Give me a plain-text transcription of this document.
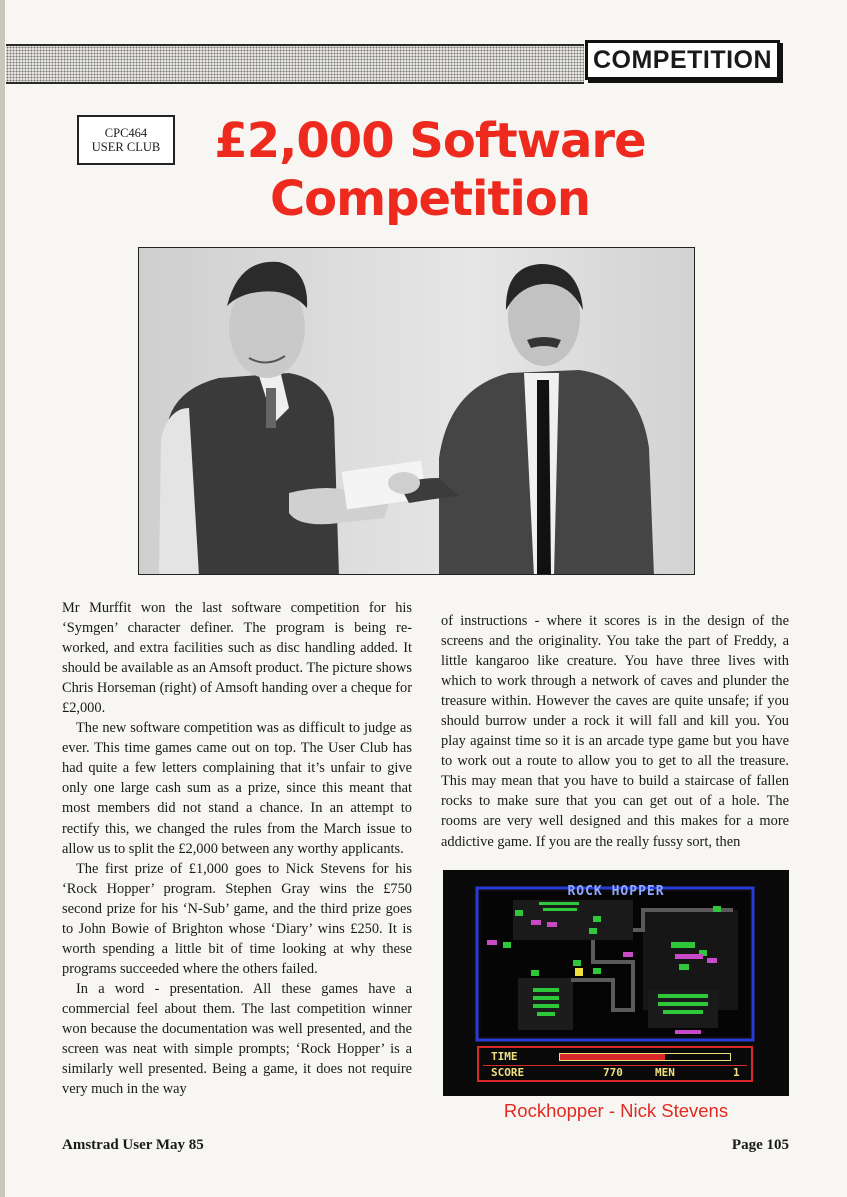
COMPETITION
CPC464
USER CLUB	£2,000 Software
Competition

Mr Murffit won the last software competition for his ‘Symgen’ character definer. The program is being re-worked, and extra facilities such as disc handling added. It should be available as an Amsoft product. The picture shows Chris Horseman (right) of Amsoft handing over a cheque for £2,000.

The new software competition was as difficult to judge as ever. This time games came out on top. The User Club has had quite a few letters complaining that it’s unfair to give only one large cash sum as a prize, since this meant that most members did not stand a chance. In an attempt to rectify this, we changed the rules from the March issue to allow us to split the £2,000 between any worthy applicants.

The first prize of £1,000 goes to Nick Stevens for his ‘Rock Hopper’ program. Stephen Gray wins the £750 second prize for his ‘N-Sub’ game, and the third prize goes to John Bowie of Brighton whose ‘Diary’ wins £250. It is worth spending a little bit of time looking at why these programs succeeded where the others failed.

In a word - presentation. All these games have a commercial feel about them. The last competition winner won because the documentation was well presented, and the screen was neat with simple prompts; ‘Rock Hopper’ is a similarly well presented. Being a game, it does not require very much in the way

of instructions - where it scores is in the design of the screens and the originality. You take the part of Freddy, a little kangaroo like creature. You have three lives with which to work through a network of caves and plunder the treasure within. However the caves are quite unsafe; if you should burrow under a rock it will fall and kill you. You play against time so it is an arcade type game but you have to work out a route to allow you to get to all the treasure. This may mean that you have to build a staircase of fallen rocks to make sure that you can get out of a hole. The rooms are very well designed and this makes for a more addictive game. If you are the really fussy sort, then

ROCK HOPPER
TIME
SCORE	770	MEN	1
Rockhopper - Nick Stevens
Amstrad User May 85	Page 105
